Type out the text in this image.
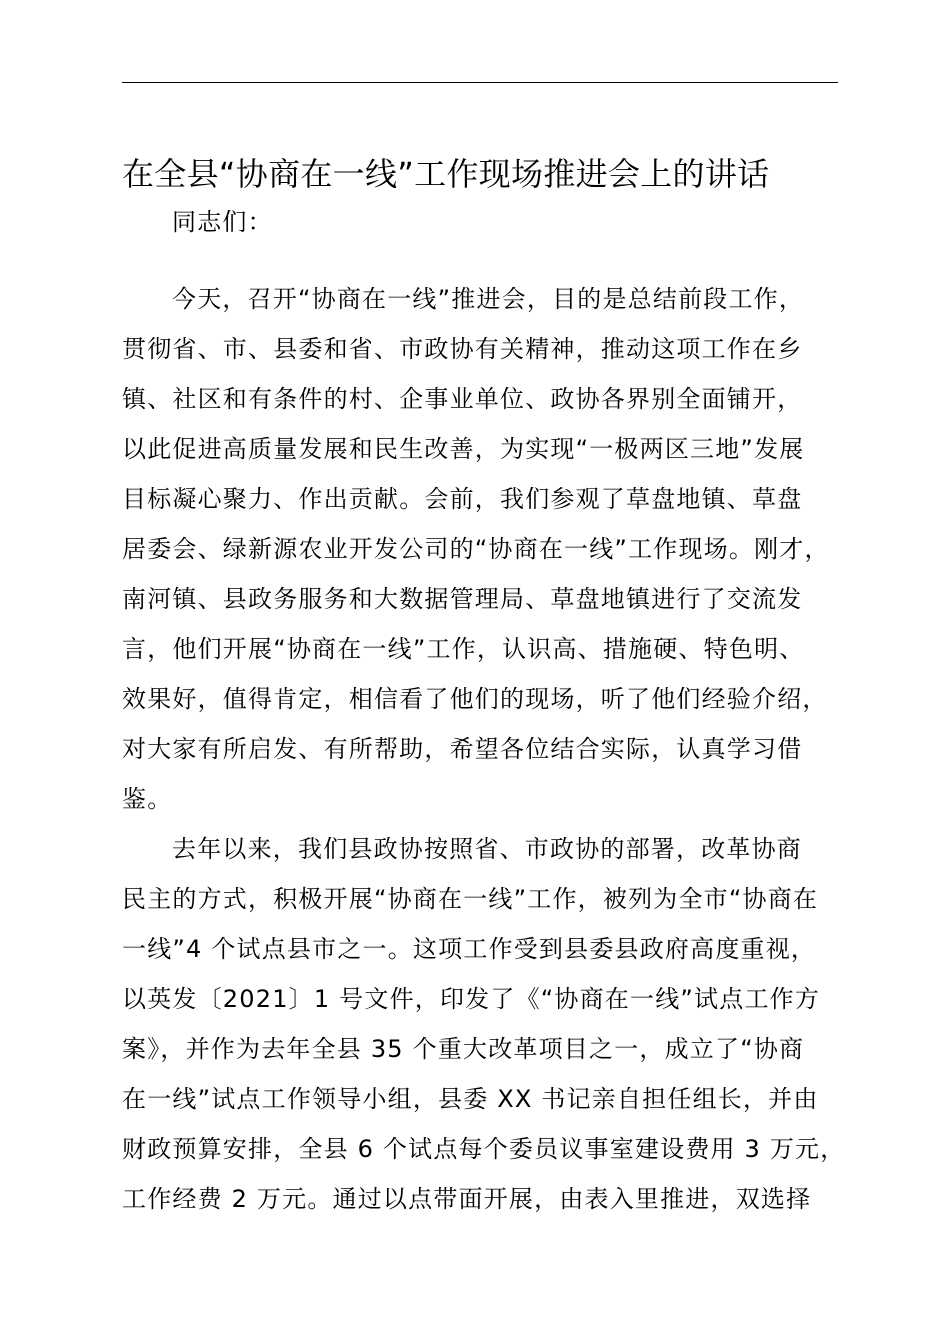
在全县“协商在一线”工作现场推进会上的讲话
同志们：
今天，召开“协商在一线”推进会，目的是总结前段工作，
贯彻省、市、县委和省、市政协有关精神，推动这项工作在乡
镇、社区和有条件的村、企事业单位、政协各界别全面铺开，
以此促进高质量发展和民生改善，为实现“一极两区三地”发展
目标凝心聚力、作出贡献。会前，我们参观了草盘地镇、草盘
居委会、绿新源农业开发公司的“协商在一线”工作现场。刚才，
南河镇、县政务服务和大数据管理局、草盘地镇进行了交流发
言，他们开展“协商在一线”工作，认识高、措施硬、特色明、
效果好，值得肯定，相信看了他们的现场，听了他们经验介绍，
对大家有所启发、有所帮助，希望各位结合实际，认真学习借
鉴。
去年以来，我们县政协按照省、市政协的部署，改革协商
民主的方式，积极开展“协商在一线”工作，被列为全市“协商在
一线”4 个试点县市之一。这项工作受到县委县政府高度重视，
以英发〔2021〕1 号文件，印发了《“协商在一线”试点工作方
案》，并作为去年全县 35 个重大改革项目之一，成立了“协商
在一线”试点工作领导小组，县委 XX 书记亲自担任组长，并由
财政预算安排，全县 6 个试点每个委员议事室建设费用 3 万元，
工作经费 2 万元。通过以点带面开展，由表入里推进，双选择
